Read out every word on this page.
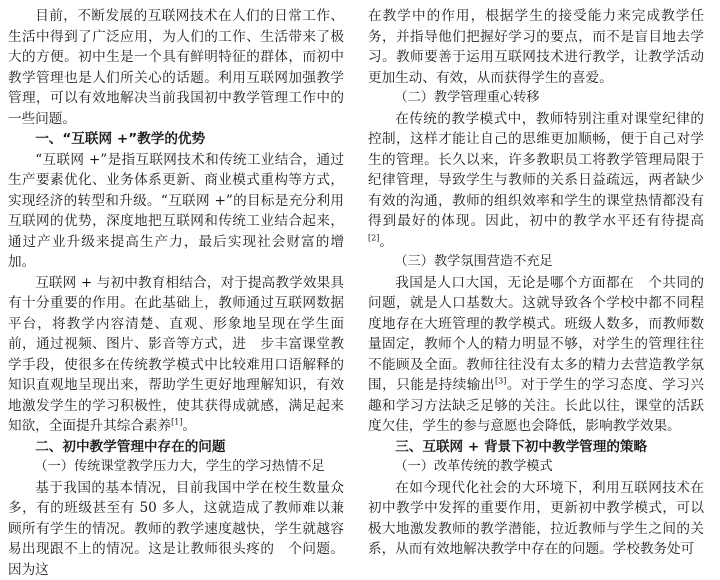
目前，不断发展的互联网技术在人们的日常工作、生活中得到了广泛应用，为人们的工作、生活带来了极大的方便。初中生是一个具有鲜明特征的群体，而初中教学管理也是人们所关心的话题。利用互联网加强教学管理，可以有效地解决当前我国初中教学管理工作中的一些问题。

一、“互联网 +”教学的优势

“互联网 +”是指互联网技术和传统工业结合，通过生产要素优化、业务体系更新、商业模式重构等方式，实现经济的转型和升级。“互联网 +”的目标是充分利用互联网的优势，深度地把互联网和传统工业结合起来，通过产业升级来提高生产力，最后实现社会财富的增加。

互联网 + 与初中教育相结合，对于提高教学效果具有十分重要的作用。在此基础上，教师通过互联网数据平台，将教学内容清楚、直观、形象地呈现在学生面前，通过视频、图片、影音等方式，进　步丰富课堂教学手段，使很多在传统教学模式中比较难用口语解释的知识直观地呈现出来，帮助学生更好地理解知识，有效地激发学生的学习积极性，使其获得成就感，满足起来知欲，全面提升其综合素养[1]。

二、初中教学管理中存在的问题

（一）传统课堂教学压力大，学生的学习热情不足

基于我国的基本情况，目前我国中学在校生数量众多，有的班级甚至有 50 多人，这就造成了教师难以兼顾所有学生的情况。教师的教学速度越快，学生就越容易出现跟不上的情况。这是让教师很头疼的　个问题。因为这

在教学中的作用，根据学生的接受能力来完成教学任务，并指导他们把握好学习的要点，而不是盲目地去学习。教师要善于运用互联网技术进行教学，让教学活动更加生动、有效，从而获得学生的喜爱。

（二）教学管理重心转移

在传统的教学模式中，教师特别注重对课堂纪律的控制，这样才能让自己的思维更加顺畅，便于自己对学生的管理。长久以来，许多教职员工将教学管理局限于纪律管理，导致学生与教师的关系日益疏远，两者缺少有效的沟通，教师的组织效率和学生的课堂热情都没有得到最好的体现。因此，初中的教学水平还有待提高[2]。

（三）教学氛围营造不充足

我国是人口大国，无论是哪个方面都在　个共同的问题，就是人口基数大。这就导致各个学校中都不同程度地存在大班管理的教学模式。班级人数多，而教师数量固定，教师个人的精力明显不够，对学生的管理往往不能顾及全面。教师往往没有太多的精力去营造教学氛围，只能是持续输出[3]。对于学生的学习态度、学习兴趣和学习方法缺乏足够的关注。长此以往，课堂的活跃度欠佳，学生的参与意愿也会降低，影响教学效果。

三、互联网 + 背景下初中教学管理的策略

（一）改革传统的教学模式

在如今现代化社会的大环境下，利用互联网技术在初中教学中发挥的重要作用，更新初中教学模式，可以极大地激发教师的教学潜能，拉近教师与学生之间的关系，从而有效地解决教学中存在的问题。学校教务处可
